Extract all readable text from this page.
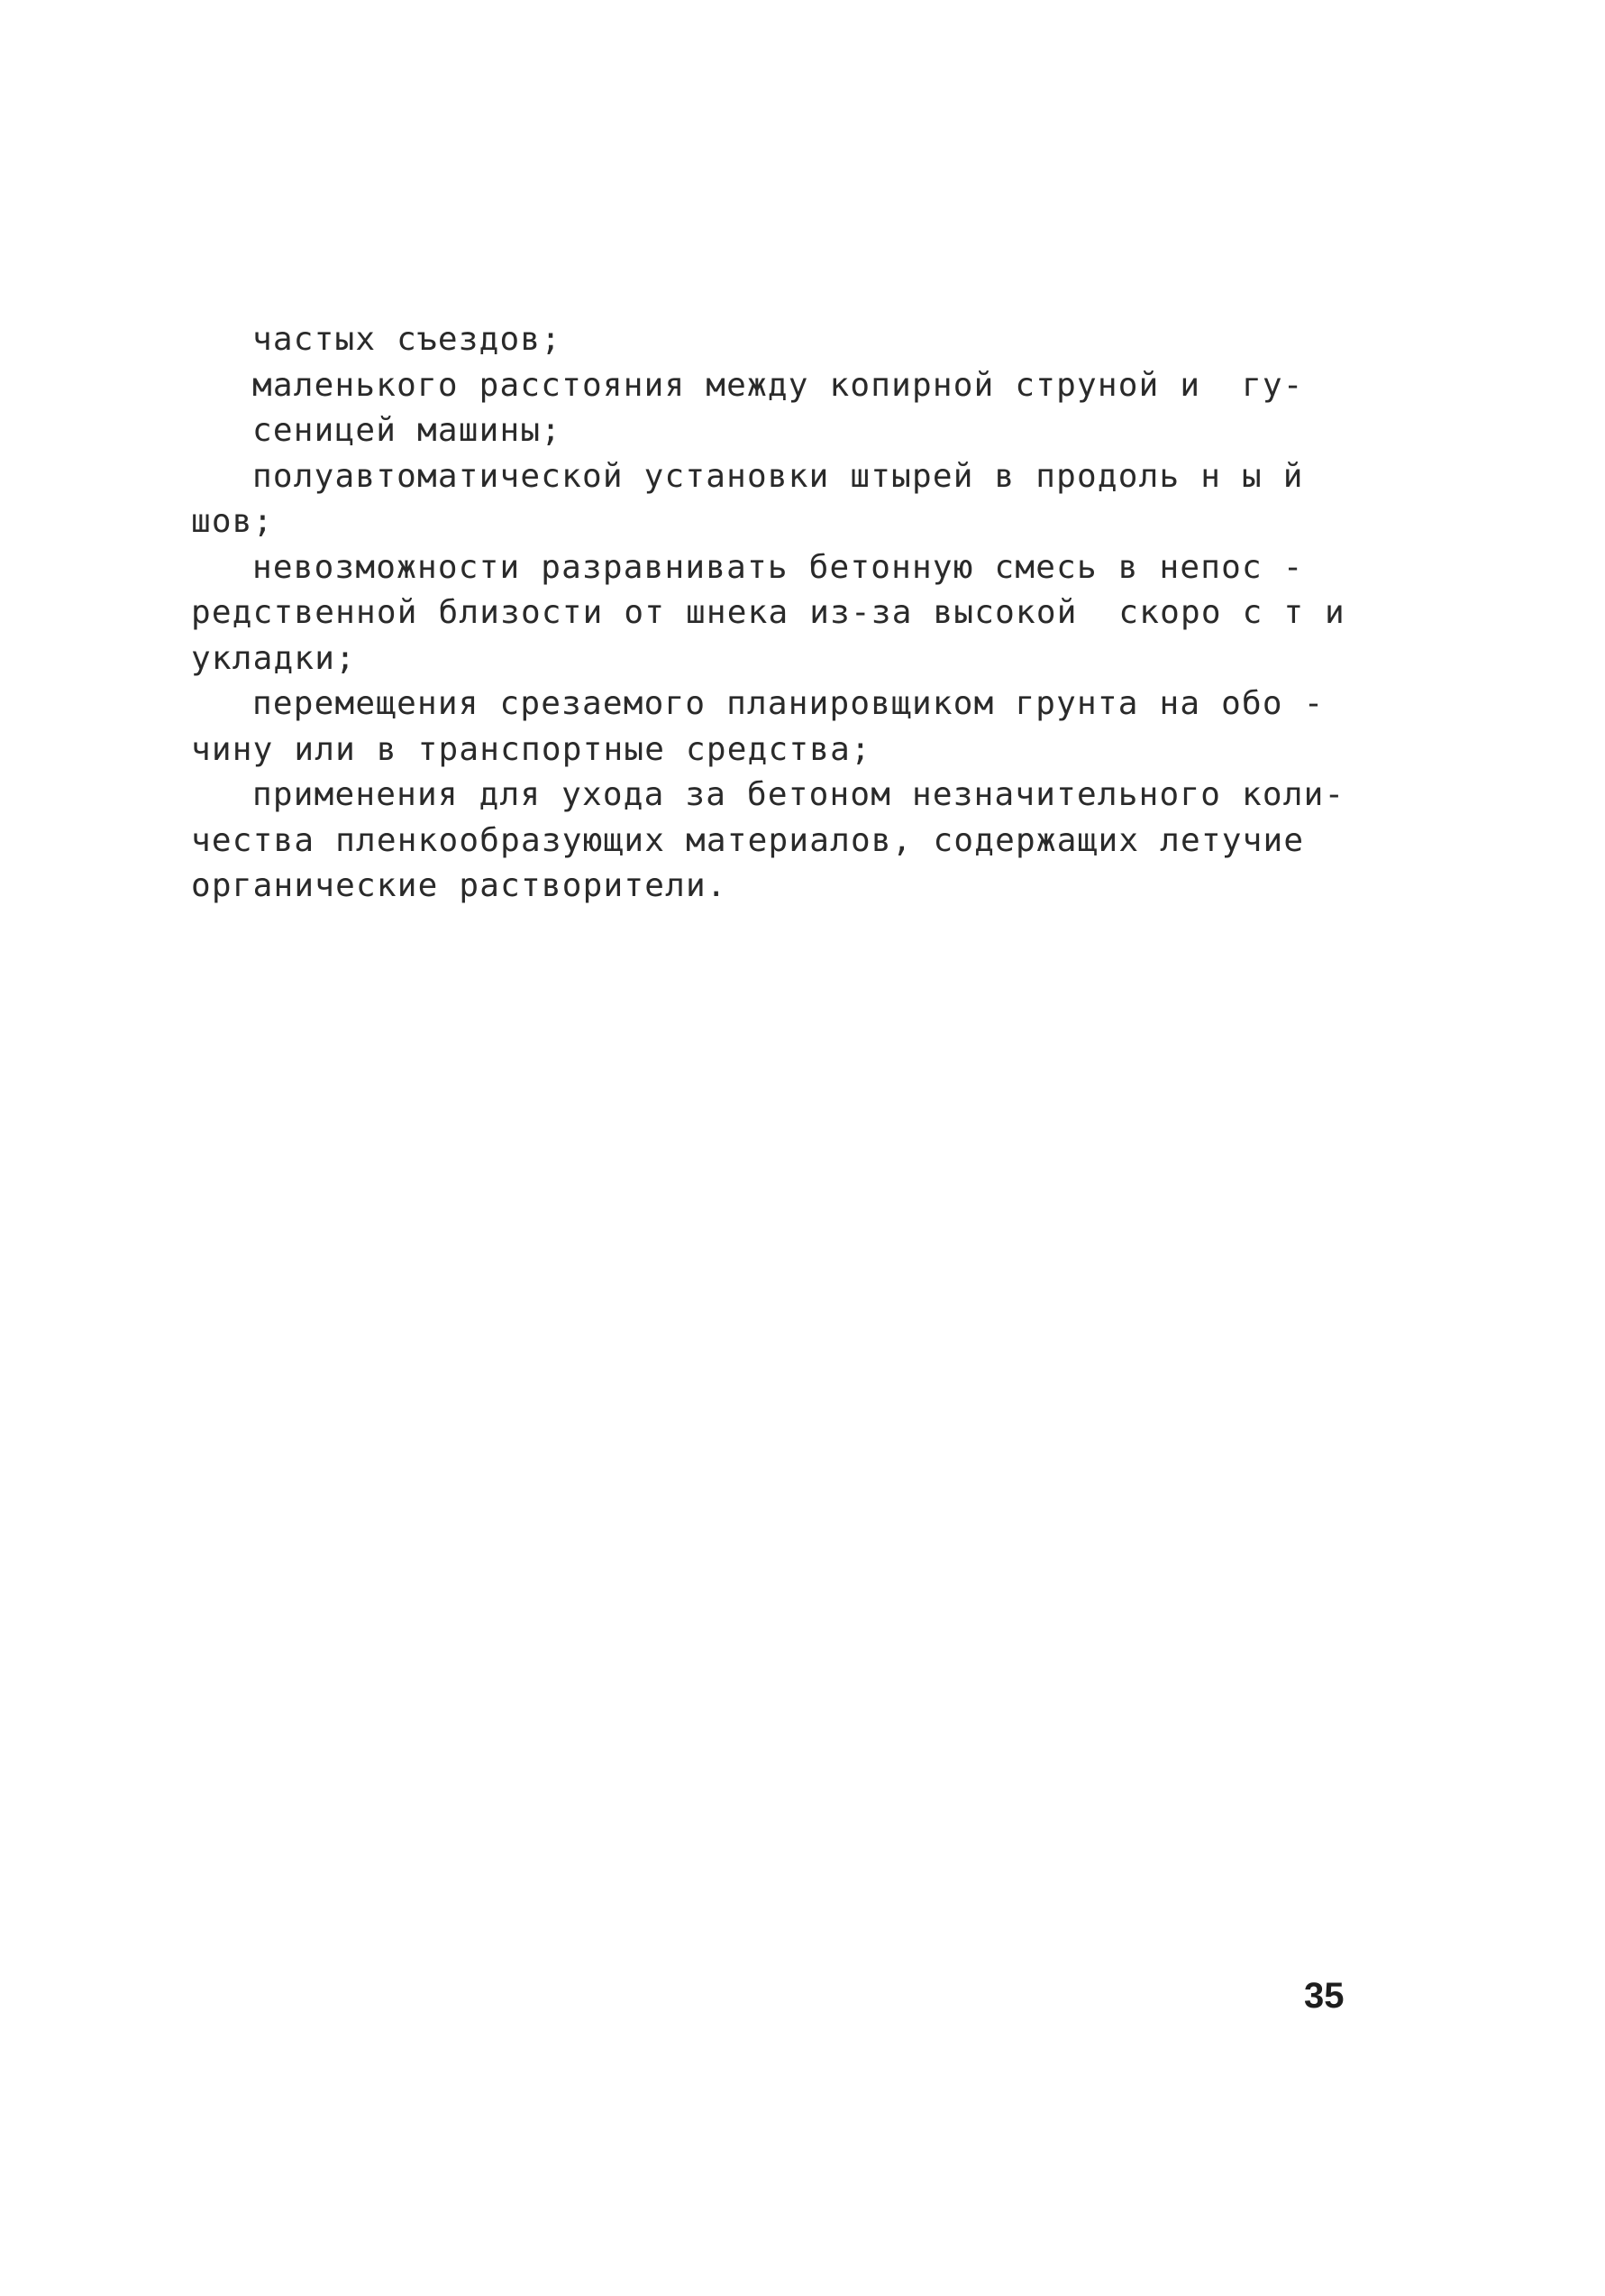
частых съездов;
маленького расстояния между копирной струной и  гу-
сеницей машины;
полуавтоматической установки штырей в продоль н ы й
шов;
невозможности разравнивать бетонную смесь в непос -
редственной близости от шнека из-за высокой  скоро с т и
укладки;
перемещения срезаемого планировщиком грунта на обо -
чину или в транспортные средства;
применения для ухода за бетоном незначительного коли-
чества пленкообразующих материалов, содержащих летучие
органические растворители.
35
